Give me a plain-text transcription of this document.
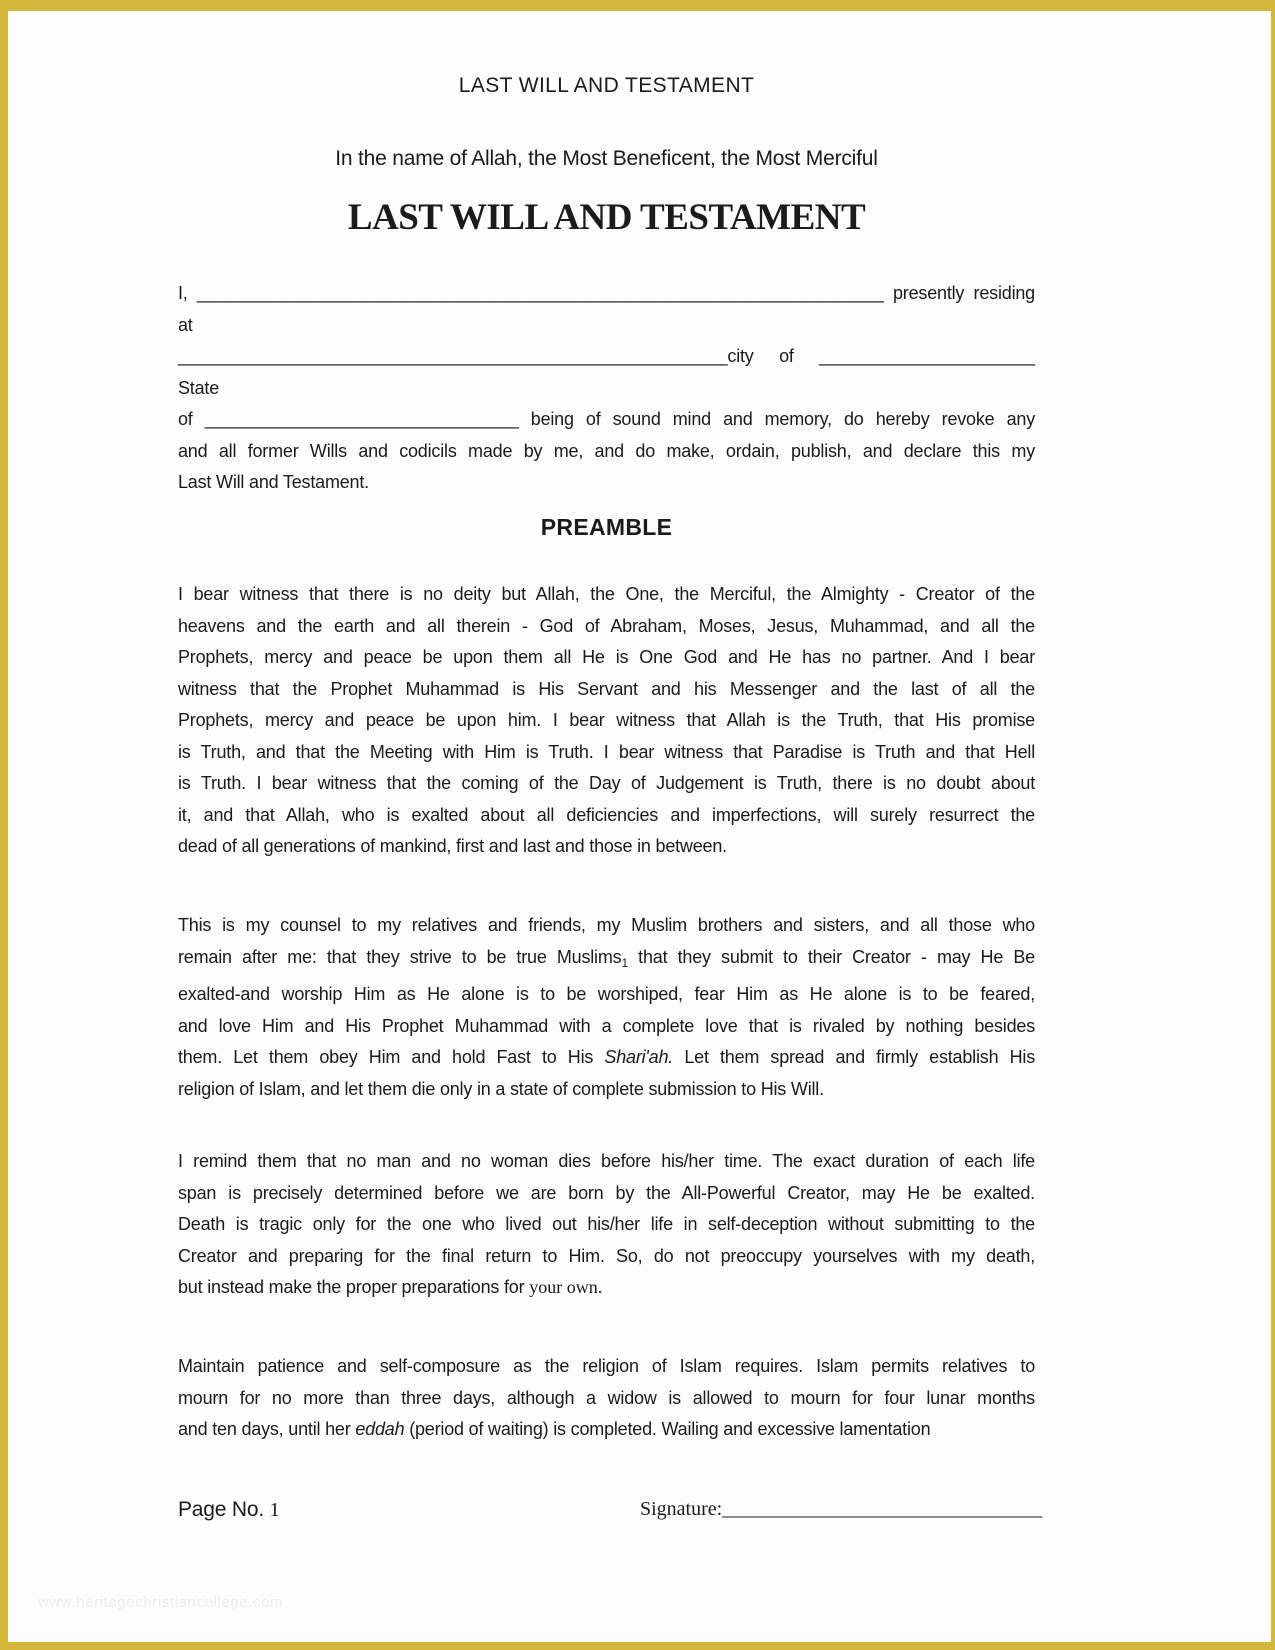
LAST WILL AND TESTAMENT
In the name of Allah, the Most Beneficent, the Most Merciful
LAST WILL AND TESTAMENT
I, ______________________________________________________________________ presently residing at
________________________________________________________city of ______________________ State
of ________________________________ being of sound mind and memory, do hereby revoke any
and all former Wills and codicils made by me, and do make, ordain, publish, and declare this my
Last Will and Testament.
PREAMBLE
I bear witness that there is no deity but Allah, the One, the Merciful, the Almighty - Creator of the
heavens and the earth and all therein - God of Abraham, Moses, Jesus, Muhammad, and all the
Prophets, mercy and peace be upon them all He is One God and He has no partner. And I bear
witness that the Prophet Muhammad is His Servant and his Messenger and the last of all the
Prophets, mercy and peace be upon him. I bear witness that Allah is the Truth, that His promise
is Truth, and that the Meeting with Him is Truth. I bear witness that Paradise is Truth and that Hell
is Truth. I bear witness that the coming of the Day of Judgement is Truth, there is no doubt about
it, and that Allah, who is exalted about all deficiencies and imperfections, will surely resurrect the
dead of all generations of mankind, first and last and those in between.
This is my counsel to my relatives and friends, my Muslim brothers and sisters, and all those who
remain after me: that they strive to be true Muslims$_1$ that they submit to their Creator - may He Be
exalted-and worship Him as He alone is to be worshiped, fear Him as He alone is to be feared,
and love Him and His Prophet Muhammad with a complete love that is rivaled by nothing besides
them. Let them obey Him and hold Fast to His Shari'ah. Let them spread and firmly establish His
religion of Islam, and let them die only in a state of complete submission to His Will.
I remind them that no man and no woman dies before his/her time. The exact duration of each life
span is precisely determined before we are born by the All-Powerful Creator, may He be exalted.
Death is tragic only for the one who lived out his/her life in self-deception without submitting to the
Creator and preparing for the final return to Him. So, do not preoccupy yourselves with my death,
but instead make the proper preparations for your own.
Maintain patience and self-composure as the religion of Islam requires. Islam permits relatives to
mourn for no more than three days, although a widow is allowed to mourn for four lunar months
and ten days, until her eddah (period of waiting) is completed. Wailing and excessive lamentation
Page No. 1	Signature:________________________________
www.heritagechristiancollege.com
